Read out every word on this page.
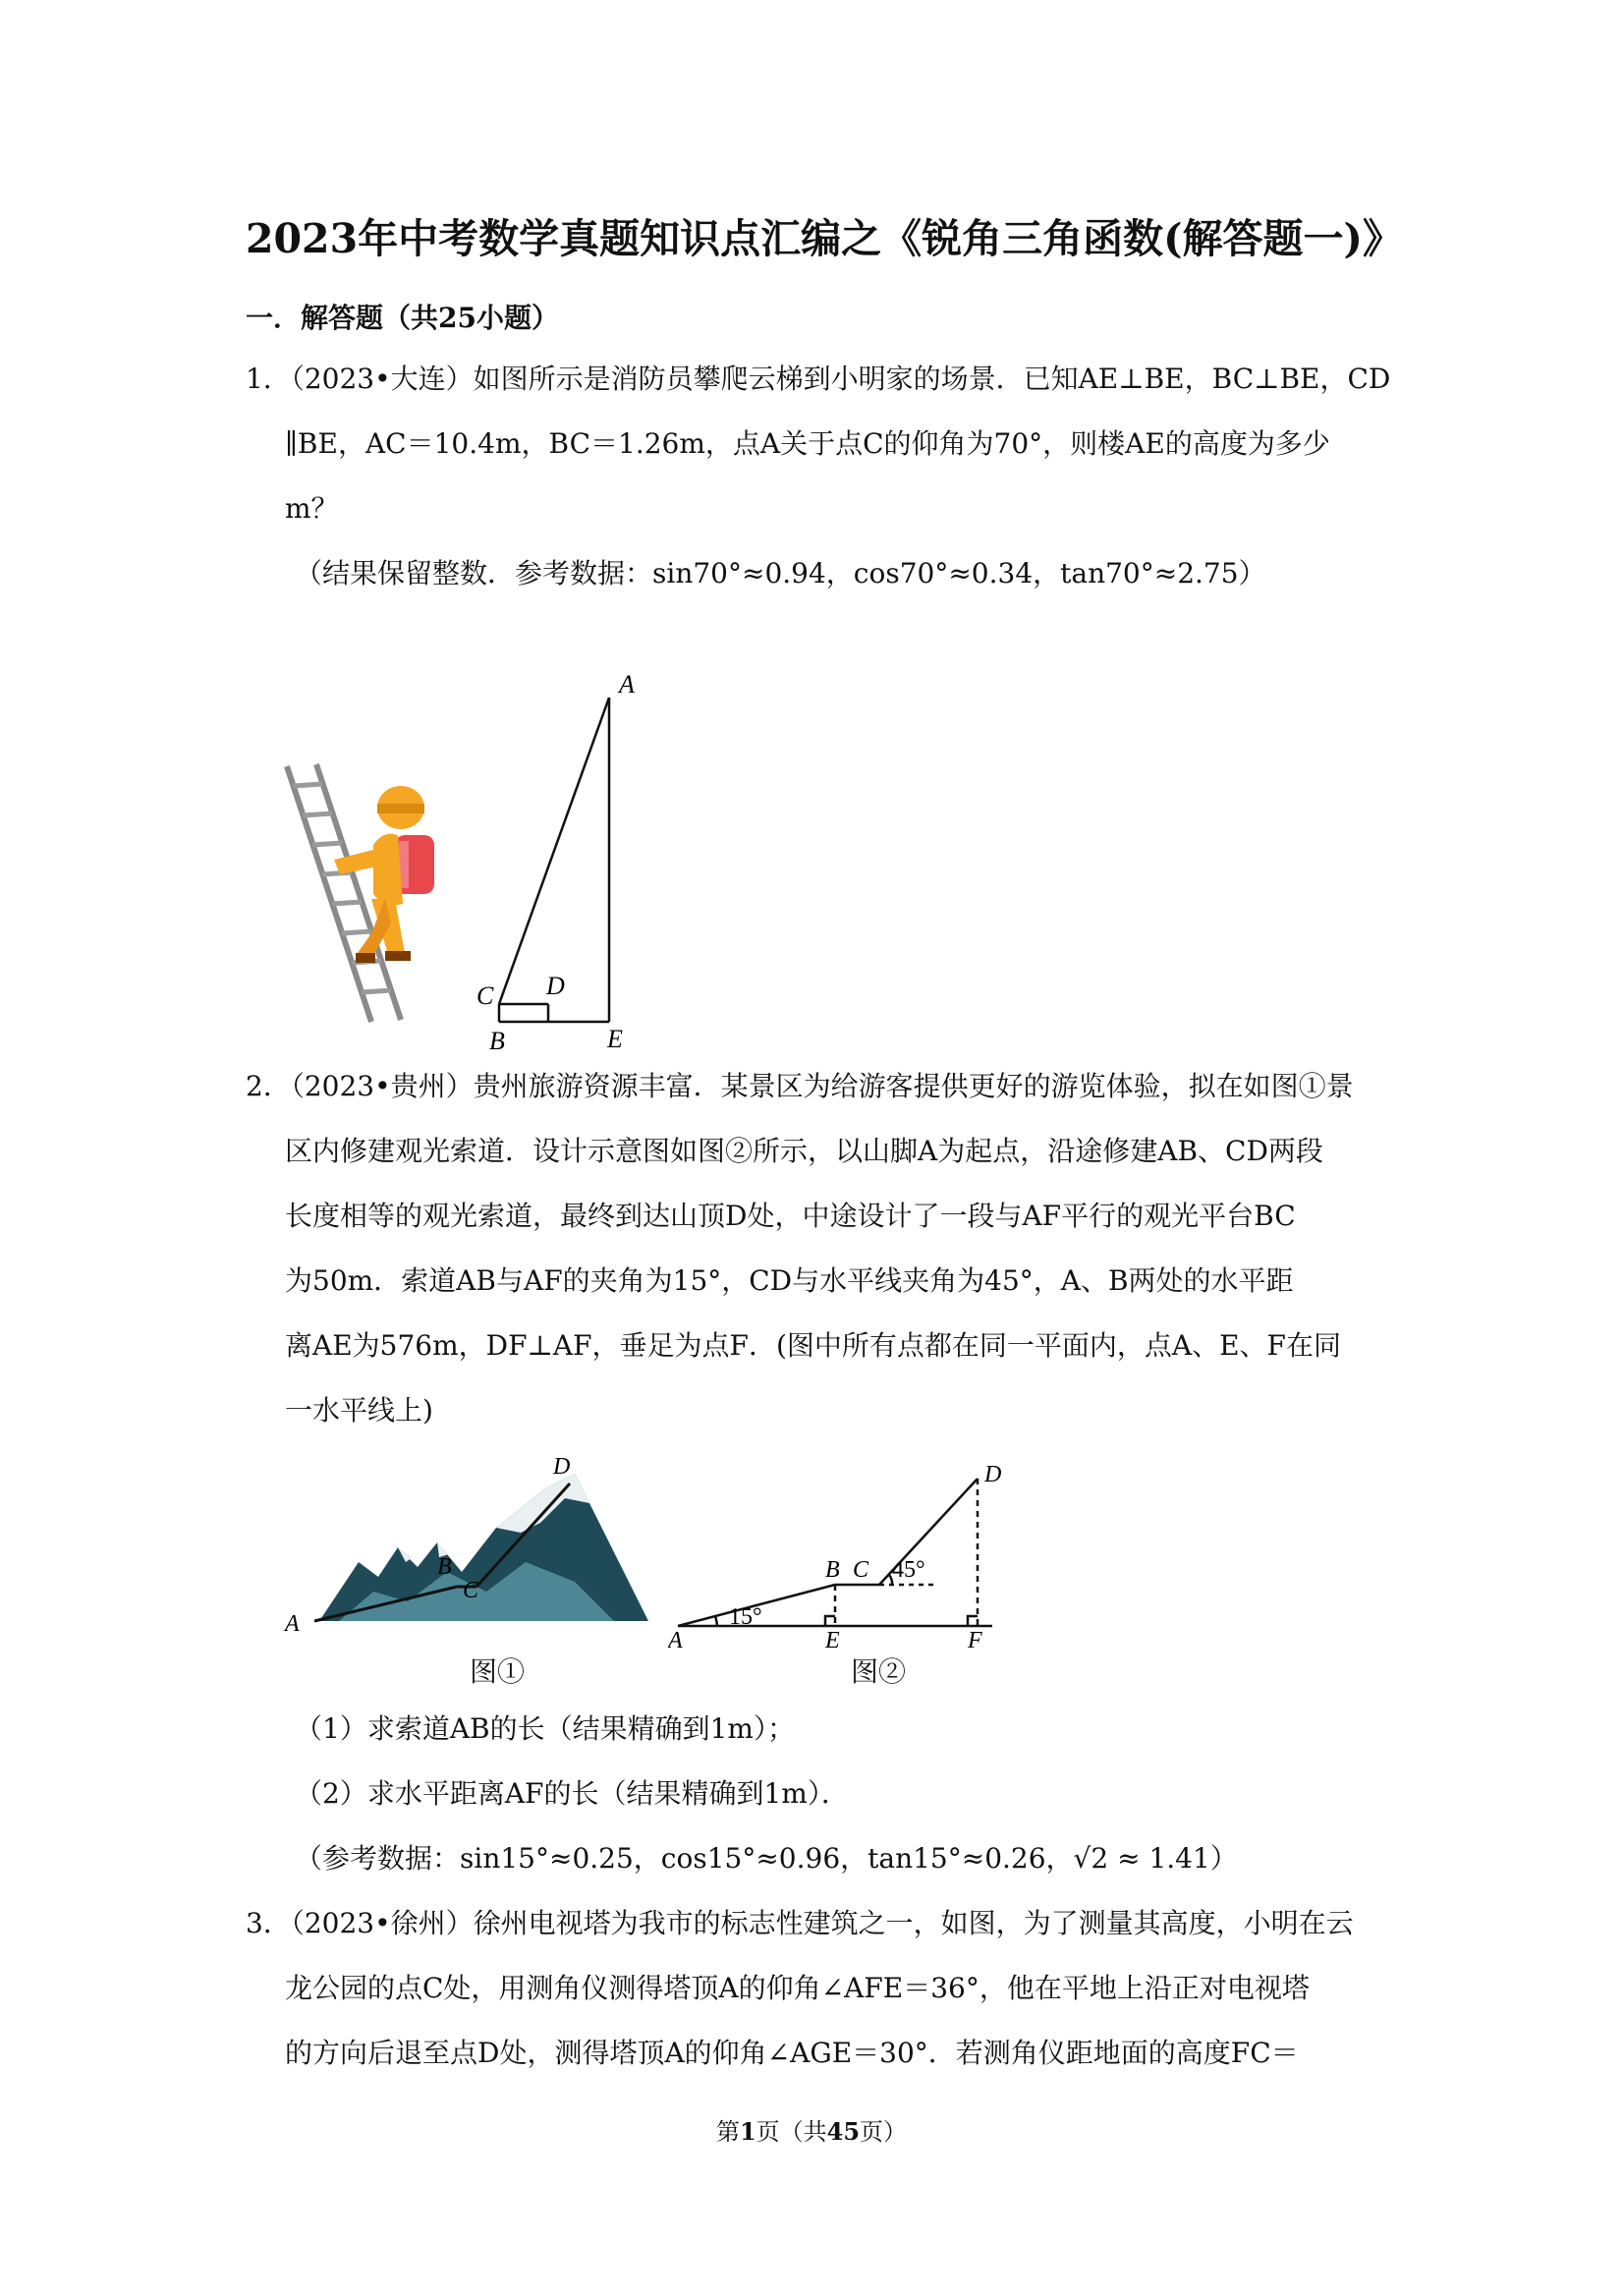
2023年中考数学真题知识点汇编之《锐角三角函数(解答题一)》
一．解答题（共25小题）
1．（2023•大连）如图所示是消防员攀爬云梯到小明家的场景．已知AE⊥BE，BC⊥BE，CD
∥BE，AC＝10.4m，BC＝1.26m，点A关于点C的仰角为70°，则楼AE的高度为多少
m？
（结果保留整数．参考数据：sin70°≈0.94，cos70°≈0.34，tan70°≈2.75）
A
C D
B	E
2．（2023•贵州）贵州旅游资源丰富．某景区为给游客提供更好的游览体验，拟在如图①景
区内修建观光索道．设计示意图如图②所示，以山脚A为起点，沿途修建AB、CD两段
长度相等的观光索道，最终到达山顶D处，中途设计了一段与AF平行的观光平台BC
为50m．索道AB与AF的夹角为15°，CD与水平线夹角为45°，A、B两处的水平距
离AE为576m，DF⊥AF，垂足为点F．(图中所有点都在同一平面内，点A、E、F在同
一水平线上)
A
B
C
D
图①
A
B C
D
E	F
15°
45°
图②
（1）求索道AB的长（结果精确到1m）；
（2）求水平距离AF的长（结果精确到1m）．
（参考数据：sin15°≈0.25，cos15°≈0.96，tan15°≈0.26，√2 ≈ 1.41）
3．（2023•徐州）徐州电视塔为我市的标志性建筑之一，如图，为了测量其高度，小明在云
龙公园的点C处，用测角仪测得塔顶A的仰角∠AFE＝36°，他在平地上沿正对电视塔
的方向后退至点D处，测得塔顶A的仰角∠AGE＝30°．若测角仪距地面的高度FC＝
第1页（共45页）
